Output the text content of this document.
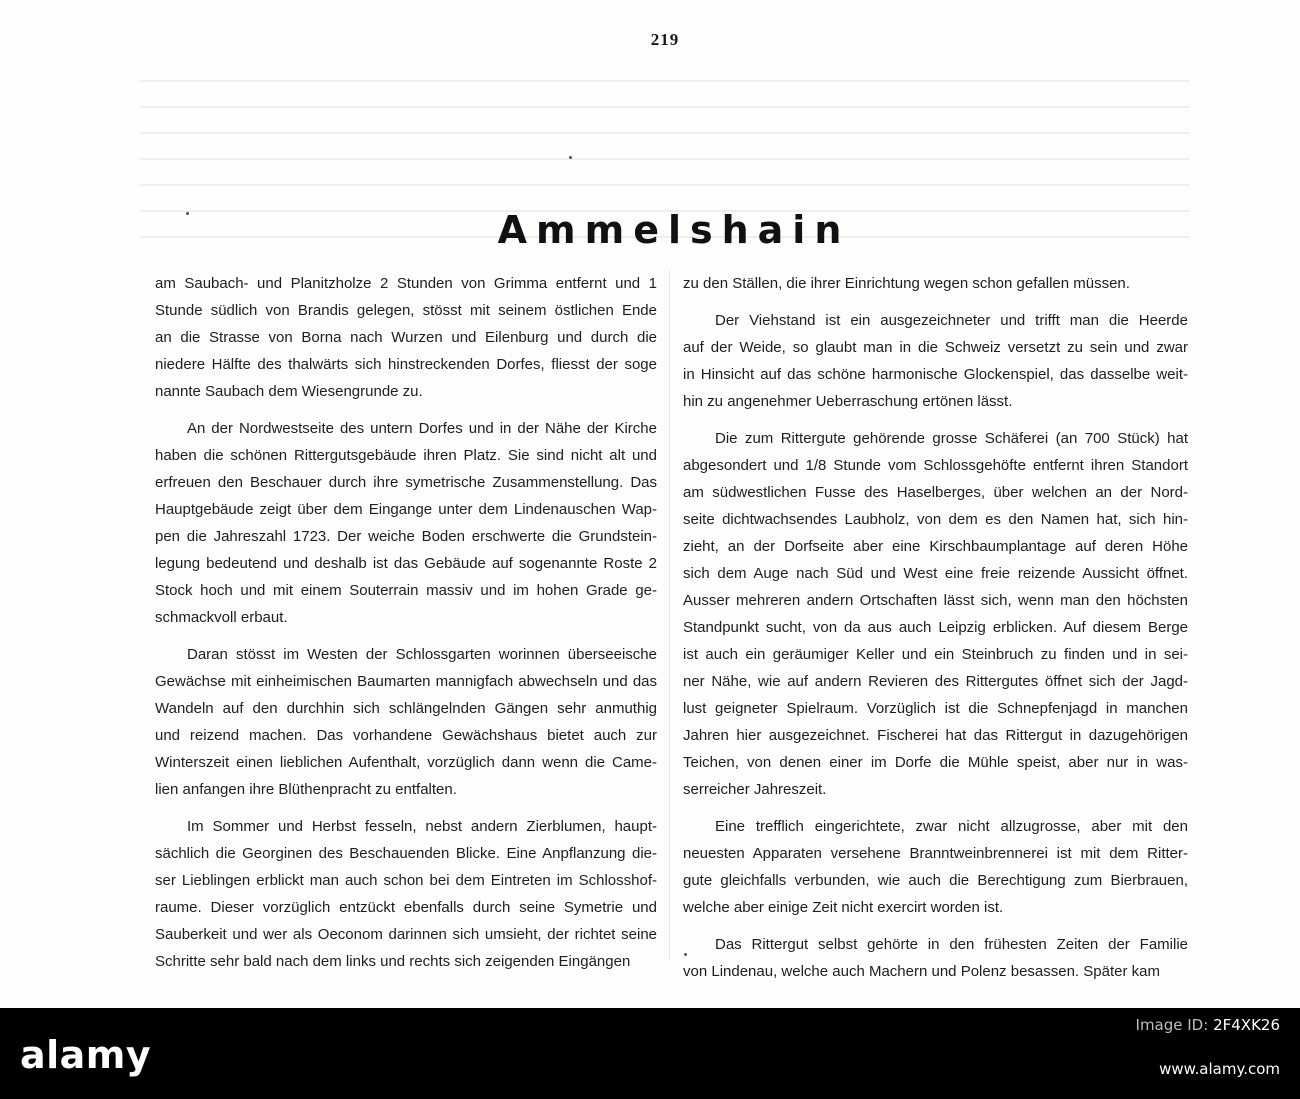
219
Ammelshain

am Saubach- und Planitzholze 2 Stunden von Grimma entfernt und 1
Stunde südlich von Brandis gelegen, stösst mit seinem östlichen Ende
an die Strasse von Borna nach Wurzen und Eilenburg und durch die
niedere Hälfte des thalwärts sich hinstreckenden Dorfes, fliesst der soge
nannte Saubach dem Wiesengrunde zu.

An der Nordwestseite des untern Dorfes und in der Nähe der Kirche
haben die schönen Rittergutsgebäude ihren Platz. Sie sind nicht alt und
erfreuen den Beschauer durch ihre symetrische Zusammenstellung. Das
Hauptgebäude zeigt über dem Eingange unter dem Lindenauschen Wap-
pen die Jahreszahl 1723. Der weiche Boden erschwerte die Grundstein-
legung bedeutend und deshalb ist das Gebäude auf sogenannte Roste 2
Stock hoch und mit einem Souterrain massiv und im hohen Grade ge-
schmackvoll erbaut.

Daran stösst im Westen der Schlossgarten worinnen überseeische
Gewächse mit einheimischen Baumarten mannigfach abwechseln und das
Wandeln auf den durchhin sich schlängelnden Gängen sehr anmuthig
und reizend machen. Das vorhandene Gewächshaus bietet auch zur
Winterszeit einen lieblichen Aufenthalt, vorzüglich dann wenn die Came-
lien anfangen ihre Blüthenpracht zu entfalten.

Im Sommer und Herbst fesseln, nebst andern Zierblumen, haupt-
sächlich die Georginen des Beschauenden Blicke. Eine Anpflanzung die-
ser Lieblingen erblickt man auch schon bei dem Eintreten im Schlosshof-
raume. Dieser vorzüglich entzückt ebenfalls durch seine Symetrie und
Sauberkeit und wer als Oeconom darinnen sich umsieht, der richtet seine
Schritte sehr bald nach dem links und rechts sich zeigenden Eingängen

zu den Ställen, die ihrer Einrichtung wegen schon gefallen müssen.

Der Viehstand ist ein ausgezeichneter und trifft man die Heerde
auf der Weide, so glaubt man in die Schweiz versetzt zu sein und zwar
in Hinsicht auf das schöne harmonische Glockenspiel, das dasselbe weit-
hin zu angenehmer Ueberraschung ertönen lässt.

Die zum Rittergute gehörende grosse Schäferei (an 700 Stück) hat
abgesondert und 1/8 Stunde vom Schlossgehöfte entfernt ihren Standort
am südwestlichen Fusse des Haselberges, über welchen an der Nord-
seite dichtwachsendes Laubholz, von dem es den Namen hat, sich hin-
zieht, an der Dorfseite aber eine Kirschbaumplantage auf deren Höhe
sich dem Auge nach Süd und West eine freie reizende Aussicht öffnet.
Ausser mehreren andern Ortschaften lässt sich, wenn man den höchsten
Standpunkt sucht, von da aus auch Leipzig erblicken. Auf diesem Berge
ist auch ein geräumiger Keller und ein Steinbruch zu finden und in sei-
ner Nähe, wie auf andern Revieren des Rittergutes öffnet sich der Jagd-
lust geigneter Spielraum. Vorzüglich ist die Schnepfenjagd in manchen
Jahren hier ausgezeichnet. Fischerei hat das Rittergut in dazugehörigen
Teichen, von denen einer im Dorfe die Mühle speist, aber nur in was-
serreicher Jahreszeit.

Eine trefflich eingerichtete, zwar nicht allzugrosse, aber mit den
neuesten Apparaten versehene Branntweinbrennerei ist mit dem Ritter-
gute gleichfalls verbunden, wie auch die Berechtigung zum Bierbrauen,
welche aber einige Zeit nicht exercirt worden ist.

Das Rittergut selbst gehörte in den frühesten Zeiten der Familie
von Lindenau, welche auch Machern und Polenz besassen. Später kam

alamy
Image ID: 2F4XK26
www.alamy.com
